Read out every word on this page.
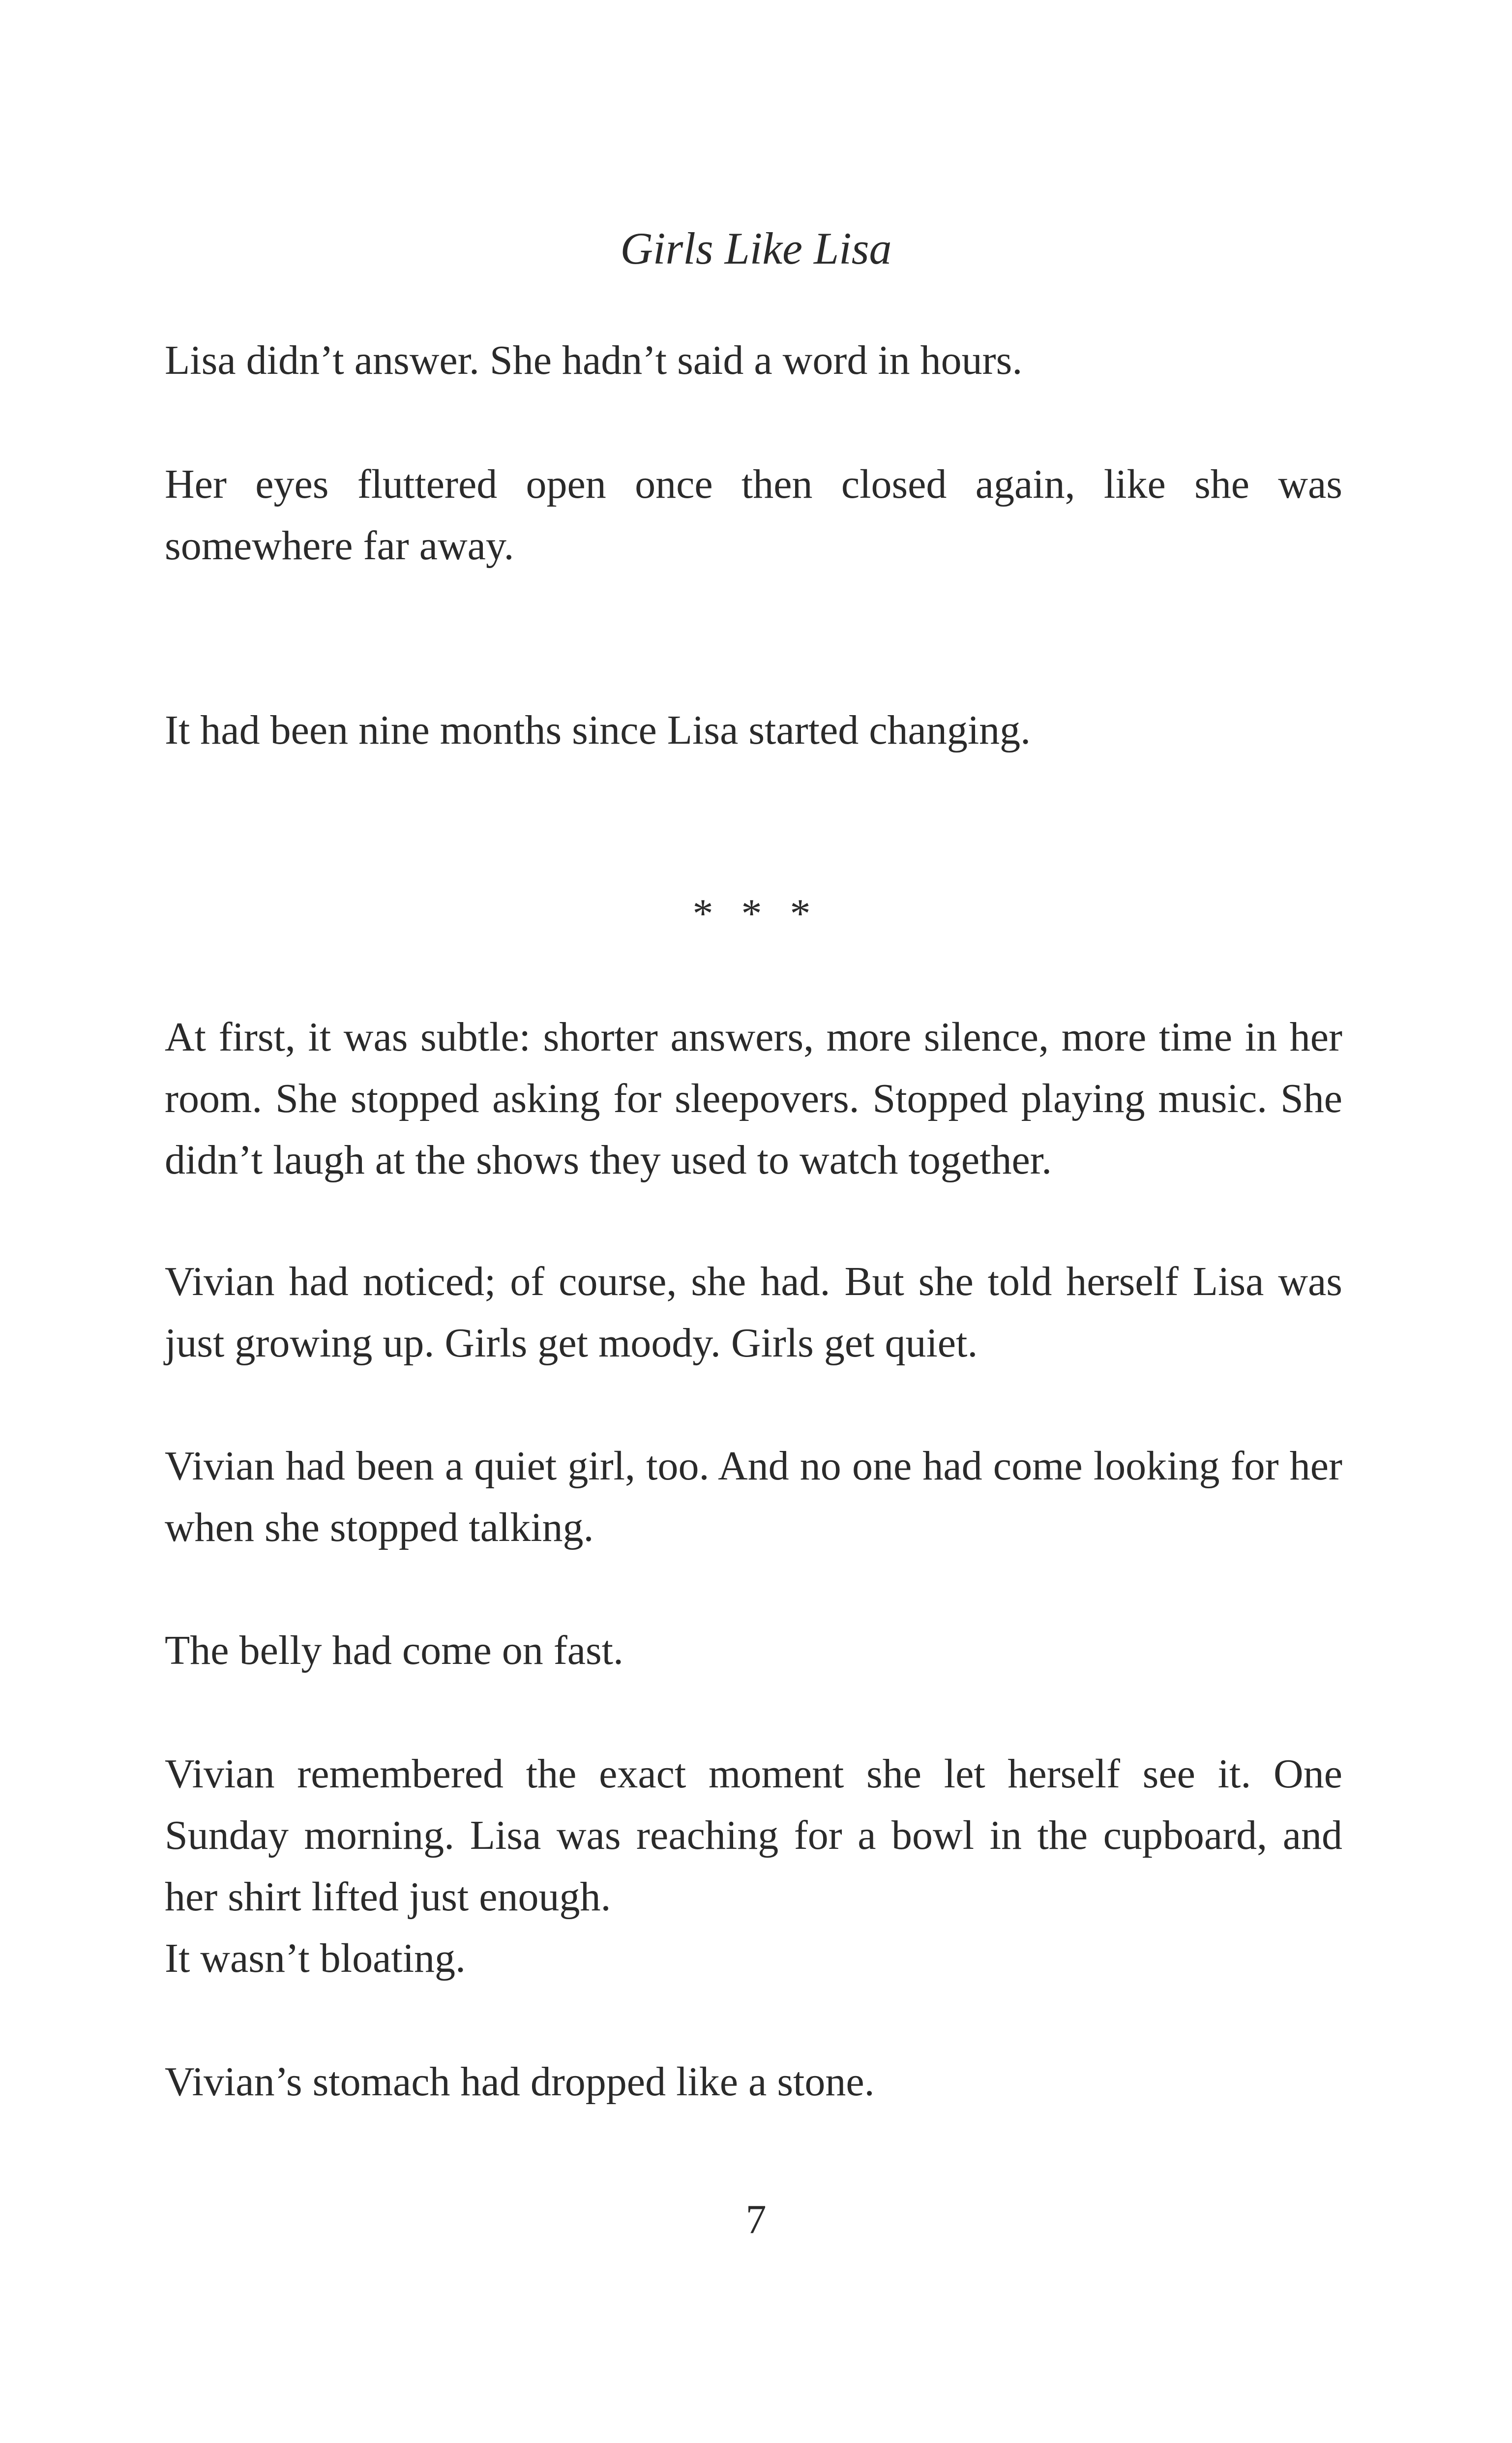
Girls Like Lisa

Lisa didn’t answer. She hadn’t said a word in hours.

Her eyes fluttered open once then closed again, like she was somewhere far away.

It had been nine months since Lisa started changing.

* * *

At first, it was subtle: shorter answers, more silence, more time in her room. She stopped asking for sleepovers. Stopped playing music. She didn’t laugh at the shows they used to watch together.

Vivian had noticed; of course, she had. But she told herself Lisa was just growing up. Girls get moody. Girls get quiet.

Vivian had been a quiet girl, too. And no one had come looking for her when she stopped talking.

The belly had come on fast.

Vivian remembered the exact moment she let herself see it. One Sunday morning. Lisa was reaching for a bowl in the cupboard, and her shirt lifted just enough.

It wasn’t bloating.

Vivian’s stomach had dropped like a stone.

7
